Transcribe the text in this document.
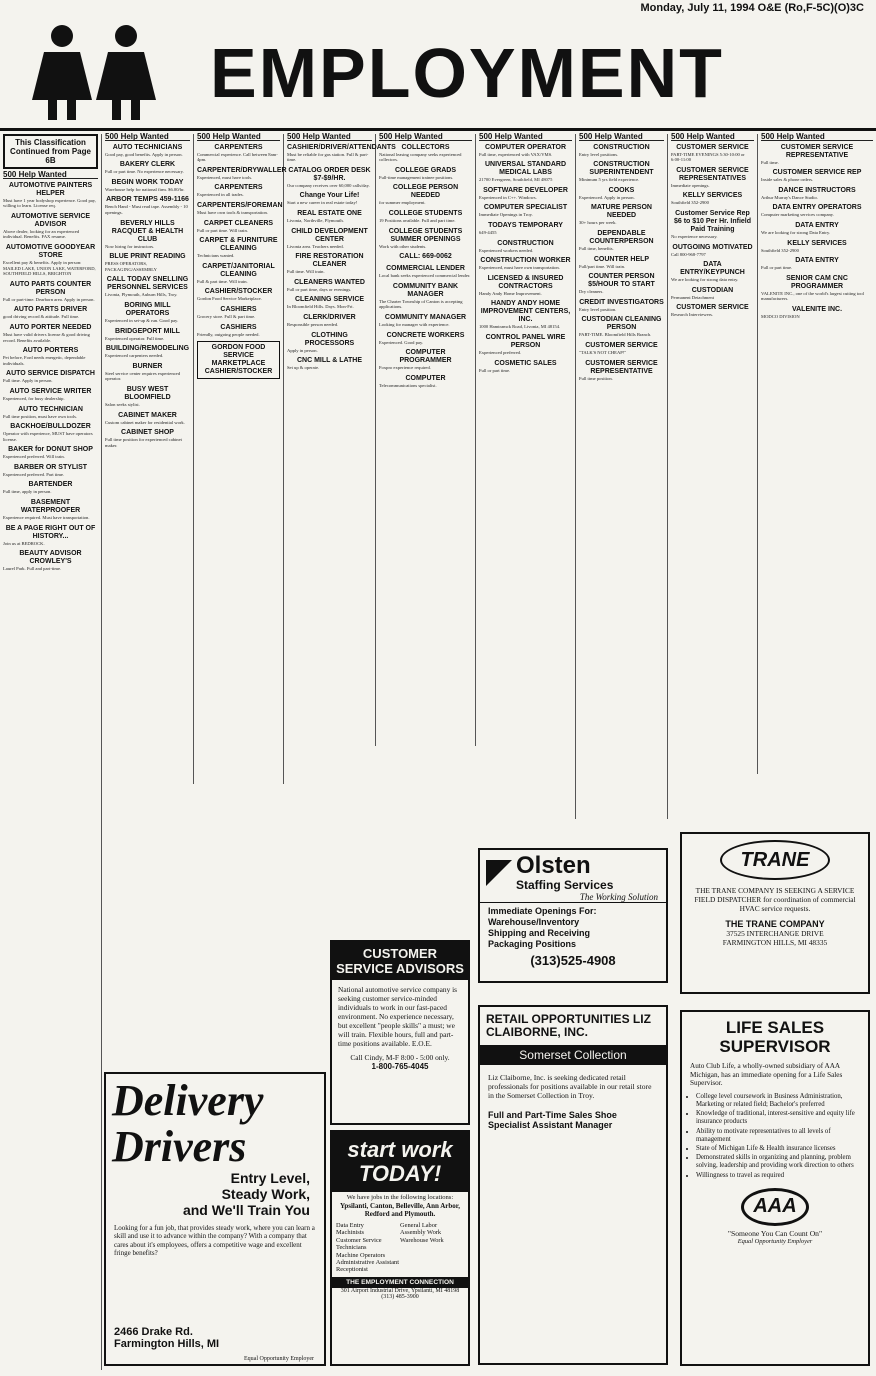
Monday, July 11, 1994 O&E (Ro,F-5C)(O)3C
EMPLOYMENT
This Classification Continued from Page 6B
500 Help Wanted
AUTOMOTIVE PAINTERS HELPER
Must have 1 year bodyshop experience. Good pay, willing to learn. License req.
AUTOMOTIVE SERVICE ADVISOR
Above dealer, looking for an experienced individual. Benefits. FAX resume.
AUTOMOTIVE GOODYEAR STORE
Excellent pay & benefits. Apply in person: MAILED LAKE, UNION LAKE, WATERFORD, SOUTHFIELD HILLS, BRIGHTON
AUTO PARTS COUNTER PERSON
Full or part-time. Dearborn area. Apply in person.
AUTO PARTS DRIVER
good driving record & attitude. Full time.
AUTO PORTER NEEDED
Must have valid drivers license & good driving record. Benefits available.
AUTO PORTERS
Pet before, Ford needs energetic, dependable individuals.
AUTO SERVICE DISPATCH
Full time. Apply in person.
AUTO SERVICE WRITER
Experienced, for busy dealership.
AUTO TECHNICIAN
Full time position, must have own tools.
BACKHOE/BULLDOZER
Operator with experience, MUST have operators license.
BAKER for DONUT SHOP
Experienced preferred. Will train.
BARBER OR STYLIST
Experienced preferred. Part time.
BARTENDER
Full time, apply in person.
BASEMENT WATERPROOFER
Experience required. Must have transportation.
BE A PAGE RIGHT OUT OF HISTORY...
Join us at BEDROCK.
BEAUTY ADVISOR CROWLEY'S
Laurel Park. Full and part-time.
500 Help Wanted
AUTO TECHNICIANS
Good pay, good benefits. Apply in person.
BAKERY CLERK
Full or part time. No experience necessary.
BEGIN WORK TODAY
Warehouse help for national firm. $6.00/hr.
ARBOR TEMPS 459-1166
Bench Hand - Must read tape. Assembly - 10 openings.
BEVERLY HILLS RACQUET & HEALTH CLUB
Now hiring for instructors.
BLUE PRINT READING
PRESS OPERATORS, PACKAGING/ASSEMBLY
CALL TODAY SNELLING PERSONNEL SERVICES
Livonia, Plymouth, Auburn Hills, Troy.
BORING MILL OPERATORS
Experienced in set-up & run. Good pay.
BRIDGEPORT MILL
Experienced operator. Full time.
BUILDING/REMODELING
Experienced carpenters needed.
BURNER
Steel service center requires experienced operator.
BUSY WEST BLOOMFIELD
Salon seeks stylist.
CABINET MAKER
Custom cabinet maker for residential work.
CABINET SHOP
Full time position for experienced cabinet maker.
500 Help Wanted
CARPENTERS
Commercial experience. Call between 8am-4pm.
CARPENTER/DRYWALLER
Experienced, must have tools.
CARPENTERS
Experienced in all trades.
CARPENTERS/FOREMAN
Must have own tools & transportation.
CARPET CLEANERS
Full or part time. Will train.
CARPET & FURNITURE CLEANING
Technicians wanted.
CARPET/JANITORIAL CLEANING
Full & part time. Will train.
CASHIER/STOCKER
Gordon Food Service Marketplace.
CASHIERS
Grocery store. Full & part time.
CASHIERS
Friendly, outgoing people needed.
GORDON FOOD SERVICE MARKETPLACE
CASHIER/STOCKER
500 Help Wanted
CASHIER/DRIVER/ATTENDANTS
Must be reliable for gas station. Full & part-time.
CATALOG ORDER DESK $7-$9/HR.
Our company receives over 60,000 calls/day.
Change Your Life!
Start a new career in real estate today!
REAL ESTATE ONE
Livonia, Northville, Plymouth.
CHILD DEVELOPMENT CENTER
Livonia area. Teachers needed.
FIRE RESTORATION CLEANER
Full time. Will train.
CLEANERS WANTED
Full or part time, days or evenings.
CLEANING SERVICE
In Bloomfield Hills. Days. Mon-Fri.
CLERK/DRIVER
Responsible person needed.
CLOTHING PROCESSORS
Apply in person.
CNC MILL & LATHE
Set up & operate.
500 Help Wanted
COLLECTORS
National leasing company seeks experienced collectors.
COLLEGE GRADS
Full-time management trainee positions.
COLLEGE PERSON NEEDED
for summer employment.
COLLEGE STUDENTS
19 Positions available. Full and part time.
COLLEGE STUDENTS SUMMER OPENINGS
Work with other students.
CALL: 669-0062
COMMERCIAL LENDER
Local bank seeks experienced commercial lender.
COMMUNITY BANK MANAGER
The Charter Township of Canton is accepting applications.
COMMUNITY MANAGER
Looking for manager with experience.
CONCRETE WORKERS
Experienced. Good pay.
COMPUTER PROGRAMMER
Foxpro experience required.
COMPUTER
Telecommunications specialist.
500 Help Wanted
COMPUTER OPERATOR
Full time, experienced with VAX/VMS.
UNIVERSAL STANDARD MEDICAL LABS
21700 Evergreen, Southfield, MI 48075
SOFTWARE DEVELOPER
Experienced in C++. Windows.
COMPUTER SPECIALIST
Immediate Openings in Troy.
TODAYS TEMPORARY
649-4455
CONSTRUCTION
Experienced workers needed.
CONSTRUCTION WORKER
Experienced, must have own transportation.
LICENSED & INSURED CONTRACTORS
Handy Andy Home Improvement.
HANDY ANDY HOME IMPROVEMENT CENTERS, INC.
1000 Hamtramck Road, Livonia, MI 48154.
CONTROL PANEL WIRE PERSON
Experienced preferred.
COSMETIC SALES
Full or part time.
500 Help Wanted
CONSTRUCTION
Entry level positions.
CONSTRUCTION SUPERINTENDENT
Minimum 5 yrs field experience.
COOKS
Experienced. Apply in person.
MATURE PERSON NEEDED
30+ hours per week.
DEPENDABLE COUNTERPERSON
Full time, benefits.
COUNTER HELP
Full/part time. Will train.
COUNTER PERSON $5/HOUR TO START
Dry cleaners.
CREDIT INVESTIGATORS
Entry level position.
CUSTODIAN CLEANING PERSON
PART-TIME. Bloomfield Hills Branch.
CUSTOMER SERVICE
"TALK'S NOT CHEAP!"
CUSTOMER SERVICE REPRESENTATIVE
Full time position.
500 Help Wanted
CUSTOMER SERVICE
PART-TIME EVENINGS 5:30-10:00 or 6:00-11:00
CUSTOMER SERVICE REPRESENTATIVES
Immediate openings.
KELLY SERVICES
Southfield 352-2900
Customer Service Rep $6 to $10 Per Hr. Infield Paid Training
No experience necessary.
OUTGOING MOTIVATED
Call 800-968-7797
DATA ENTRY/KEYPUNCH
We are looking for strong data entry.
CUSTODIAN
Permanent Detachment
CUSTOMER SERVICE
Research Interviewers.
500 Help Wanted
CUSTOMER SERVICE REPRESENTATIVE
Full time.
CUSTOMER SERVICE REP
Inside sales & phone orders.
DANCE INSTRUCTORS
Arthur Murray's Dance Studio.
DATA ENTRY OPERATORS
Computer marketing services company.
DATA ENTRY
We are looking for strong Data Entry.
KELLY SERVICES
Southfield 352-2900
DATA ENTRY
Full or part time.
SENIOR CAM CNC PROGRAMMER
VALENITE INC., one of the world's largest cutting tool manufacturers.
VALENITE INC.
MODCO DIVISION
CUSTOMER SERVICE ADVISORS
National automotive service company is seeking customer service-minded individuals to work in our fast-paced environment. No experience necessary, but excellent "people skills" a must; we will train. Flexible hours, full and part-time positions available. E.O.E.
Call Cindy, M-F 8:00 - 5:00 only.
1-800-765-4045
Olsten
Staffing Services
The Working Solution
Immediate Openings For:
Warehouse/Inventory
Shipping and Receiving
Packaging Positions
(313)525-4908
RETAIL OPPORTUNITIES LIZ CLAIBORNE, INC.
Somerset Collection
Liz Claiborne, Inc. is seeking dedicated retail professionals for positions available in our retail store in the Somerset Collection in Troy.
Full and Part-Time Sales Shoe Specialist Assistant Manager
start work TODAY!
We have jobs in the following locations:
Ypsilanti, Canton, Belleville, Ann Arbor, Redford and Plymouth.
Data Entry
Machinists
Customer Service
Technicians
Machine Operators
Administrative Assistant
Receptionist
General Labor
Assembly Work
Warehouse Work
THE EMPLOYMENT CONNECTION
301 Airport Industrial Drive, Ypsilanti, MI 48198
(313) 485-3900
TRANE
THE TRANE COMPANY IS SEEKING A SERVICE FIELD DISPATCHER for coordination of commercial HVAC service requests.
THE TRANE COMPANY
37525 INTERCHANGE DRIVE
FARMINGTON HILLS, MI 48335
LIFE SALES SUPERVISOR
Auto Club Life, a wholly-owned subsidiary of AAA Michigan, has an immediate opening for a Life Sales Supervisor.
• College level coursework in Business Administration, Marketing or related field; Bachelor's preferred
• Knowledge of traditional, interest-sensitive and equity life insurance products
• Ability to motivate representatives to all levels of management
• State of Michigan Life & Health insurance licenses
• Demonstrated skills in organizing and planning, problem solving, leadership and providing work direction to others
• Willingness to travel as required
AAA
"Someone You Can Count On"
Equal Opportunity Employer
Delivery Drivers
Entry Level,
Steady Work,
and We'll Train You
Looking for a fun job, that provides steady work, where you can learn a skill and use it to advance within the company? With a company that cares about it's employees, offers a competitive wage and excellent fringe benefits?
2466 Drake Rd.
Farmington Hills, MI
Equal Opportunity Employer
